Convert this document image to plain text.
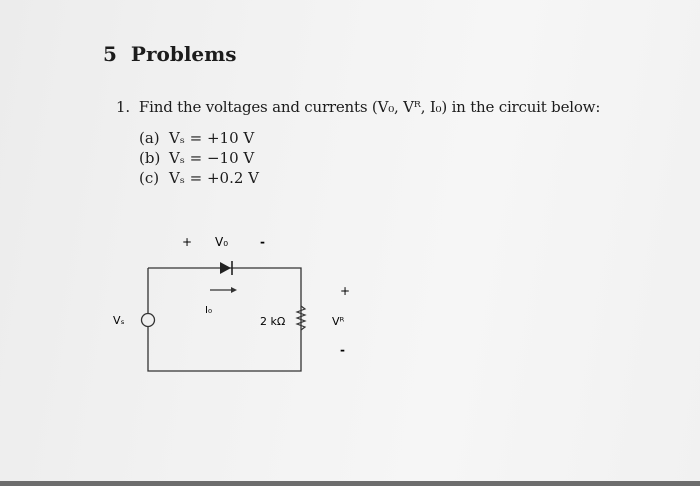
5 Problems
1. Find the voltages and currents (V₀, Vᴿ, I₀) in the circuit below:
(a) Vₛ = +10 V
(b) Vₛ = −10 V
(c) Vₛ = +0.2 V
+ V₀	-
I₀
Vₛ	2 kΩ
+
Vᴿ
-
